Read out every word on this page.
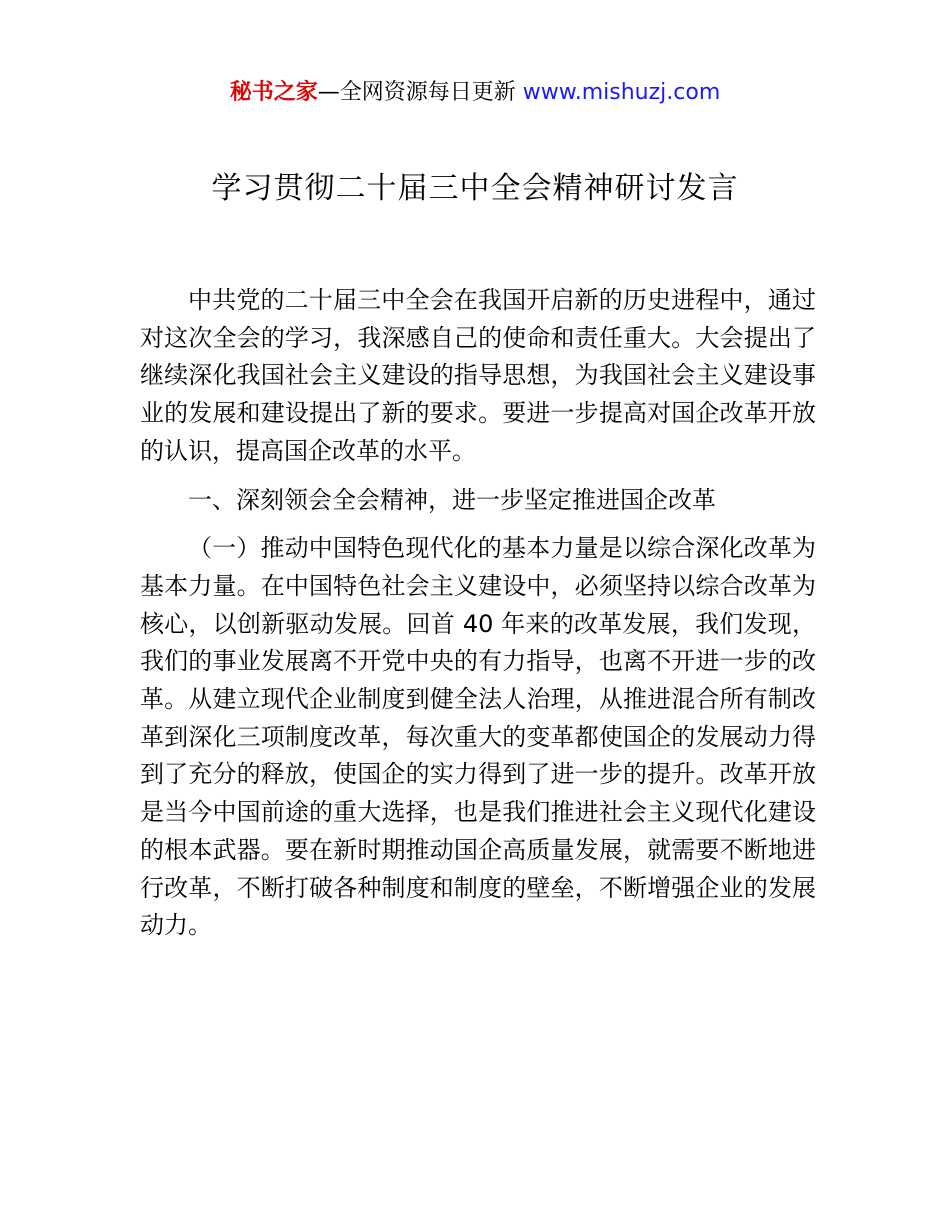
秘书之家—全网资源每日更新 www.mishuzj.com
学习贯彻二十届三中全会精神研讨发言

中共党的二十届三中全会在我国开启新的历史进程中，通过对这次全会的学习，我深感自己的使命和责任重大。大会提出了继续深化我国社会主义建设的指导思想，为我国社会主义建设事业的发展和建设提出了新的要求。要进一步提高对国企改革开放的认识，提高国企改革的水平。

一、深刻领会全会精神，进一步坚定推进国企改革

（一）推动中国特色现代化的基本力量是以综合深化改革为基本力量。在中国特色社会主义建设中，必须坚持以综合改革为核心，以创新驱动发展。回首 40 年来的改革发展，我们发现，我们的事业发展离不开党中央的有力指导，也离不开进一步的改革。从建立现代企业制度到健全法人治理，从推进混合所有制改革到深化三项制度改革，每次重大的变革都使国企的发展动力得到了充分的释放，使国企的实力得到了进一步的提升。改革开放是当今中国前途的重大选择，也是我们推进社会主义现代化建设的根本武器。要在新时期推动国企高质量发展，就需要不断地进行改革，不断打破各种制度和制度的壁垒，不断增强企业的发展动力。
